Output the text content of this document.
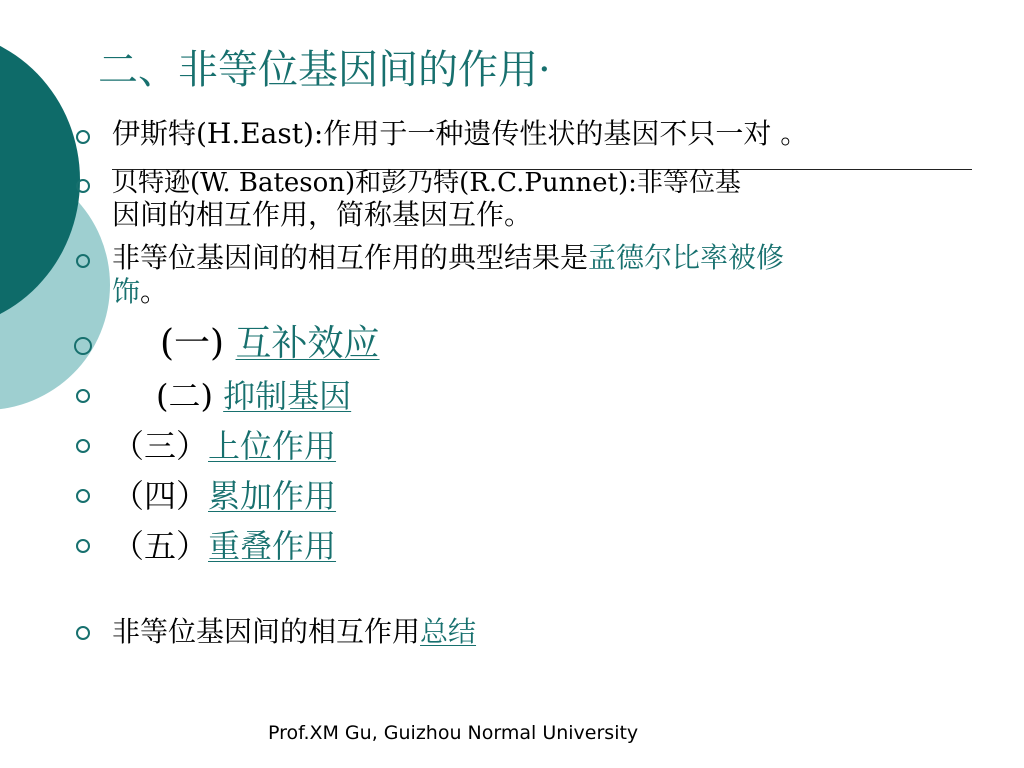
二、非等位基因间的作用·
伊斯特(H.East):作用于一种遗传性状的基因不只一对 。
贝特逊(W. Bateson)和彭乃特(R.C.Punnet):非等位基
因间的相互作用，简称基因互作。
非等位基因间的相互作用的典型结果是孟德尔比率被修
饰。
(一) 互补效应
(二) 抑制基因
（三）上位作用
（四）累加作用
（五）重叠作用
非等位基因间的相互作用总结

Prof.XM Gu, Guizhou Normal University
